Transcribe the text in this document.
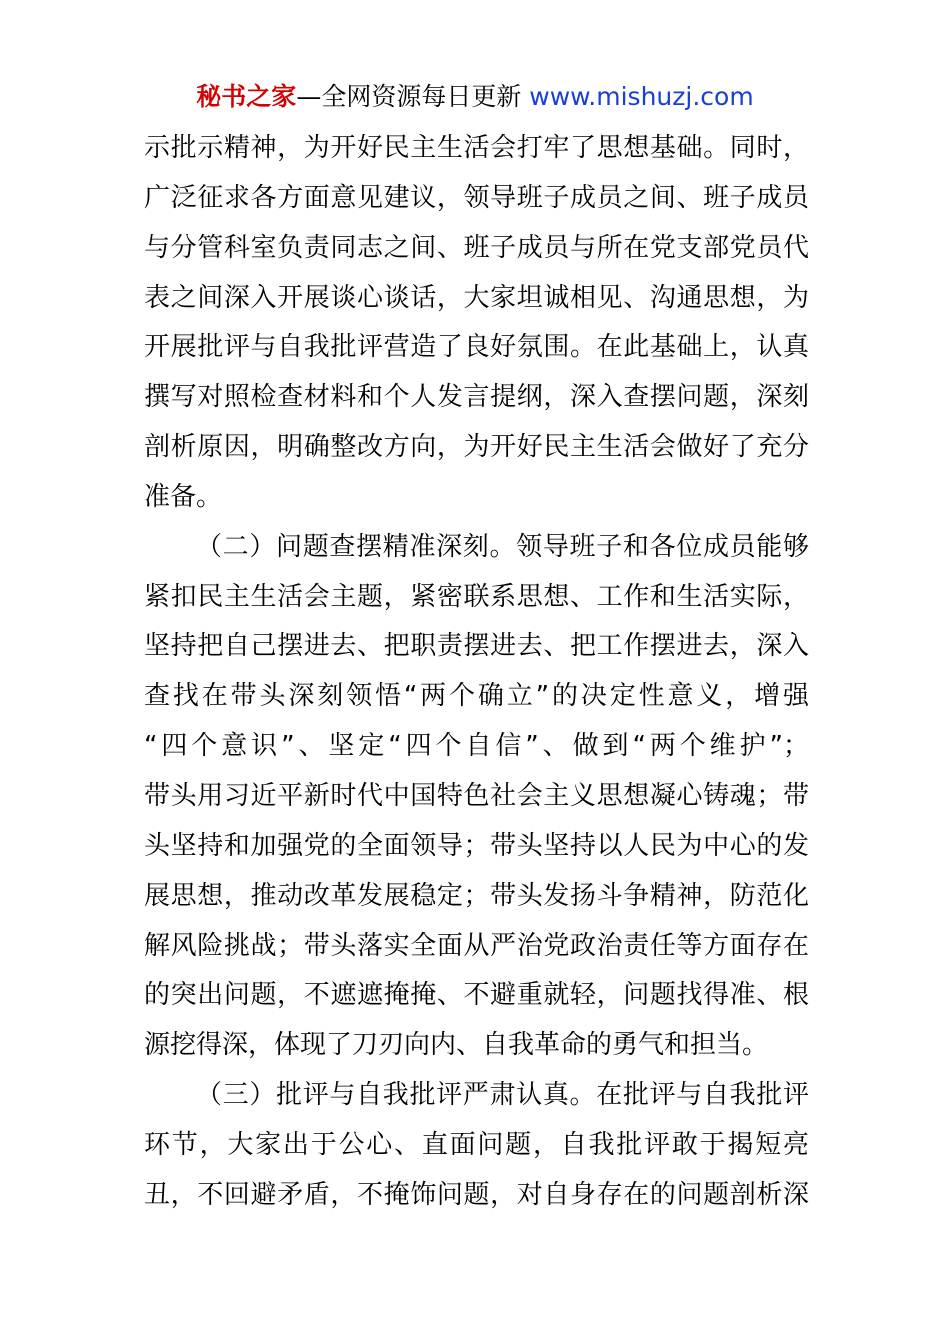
秘书之家—全网资源每日更新 www.mishuzj.com
示批示精神，为开好民主生活会打牢了思想基础。同时，
广泛征求各方面意见建议，领导班子成员之间、班子成员
与分管科室负责同志之间、班子成员与所在党支部党员代
表之间深入开展谈心谈话，大家坦诚相见、沟通思想，为
开展批评与自我批评营造了良好氛围。在此基础上，认真
撰写对照检查材料和个人发言提纲，深入查摆问题，深刻
剖析原因，明确整改方向，为开好民主生活会做好了充分
准备。
（二）问题查摆精准深刻。领导班子和各位成员能够
紧扣民主生活会主题，紧密联系思想、工作和生活实际，
坚持把自己摆进去、把职责摆进去、把工作摆进去，深入
查找在带头深刻领悟“两个确立”的决定性意义，增强
“四个意识”、坚定“四个自信”、做到“两个维护”；
带头用习近平新时代中国特色社会主义思想凝心铸魂；带
头坚持和加强党的全面领导；带头坚持以人民为中心的发
展思想，推动改革发展稳定；带头发扬斗争精神，防范化
解风险挑战；带头落实全面从严治党政治责任等方面存在
的突出问题，不遮遮掩掩、不避重就轻，问题找得准、根
源挖得深，体现了刀刃向内、自我革命的勇气和担当。
（三）批评与自我批评严肃认真。在批评与自我批评
环节，大家出于公心、直面问题，自我批评敢于揭短亮
丑，不回避矛盾，不掩饰问题，对自身存在的问题剖析深
